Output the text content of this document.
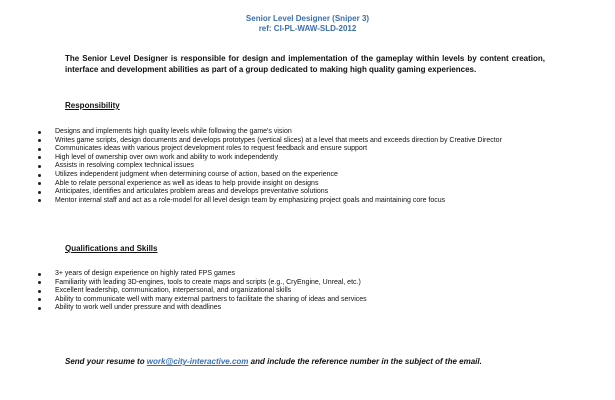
Senior Level Designer (Sniper 3)
ref: CI-PL-WAW-SLD-2012
The Senior Level Designer is responsible for design and implementation of the gameplay within levels by content creation, interface and development abilities as part of a group dedicated to making high quality gaming experiences.
Responsibility
Designs and implements high quality levels while following the game's vision
Writes game scripts, design documents and develops prototypes (vertical slices) at a level that meets and exceeds direction by Creative Director
Communicates ideas with various project development roles to request feedback and ensure support
High level of ownership over own work and ability to work independently
Assists in resolving complex technical issues
Utilizes independent judgment when determining course of action, based on the experience
Able to relate personal experience as well as ideas to help provide insight on designs
Anticipates, identifies and articulates problem areas and develops preventative solutions
Mentor internal staff and act as a role-model for all level design team by emphasizing project goals and maintaining core focus
Qualifications and Skills
3+ years of design experience on highly rated FPS games
Familiarity with leading 3D-engines, tools to create maps and scripts (e.g., CryEngine, Unreal, etc.)
Excellent leadership, communication, interpersonal, and organizational skills
Ability to communicate well with many external partners to facilitate the sharing of ideas and services
Ability to work well under pressure and with deadlines
Send your resume to work@city-interactive.com and include the reference number in the subject of the email.
